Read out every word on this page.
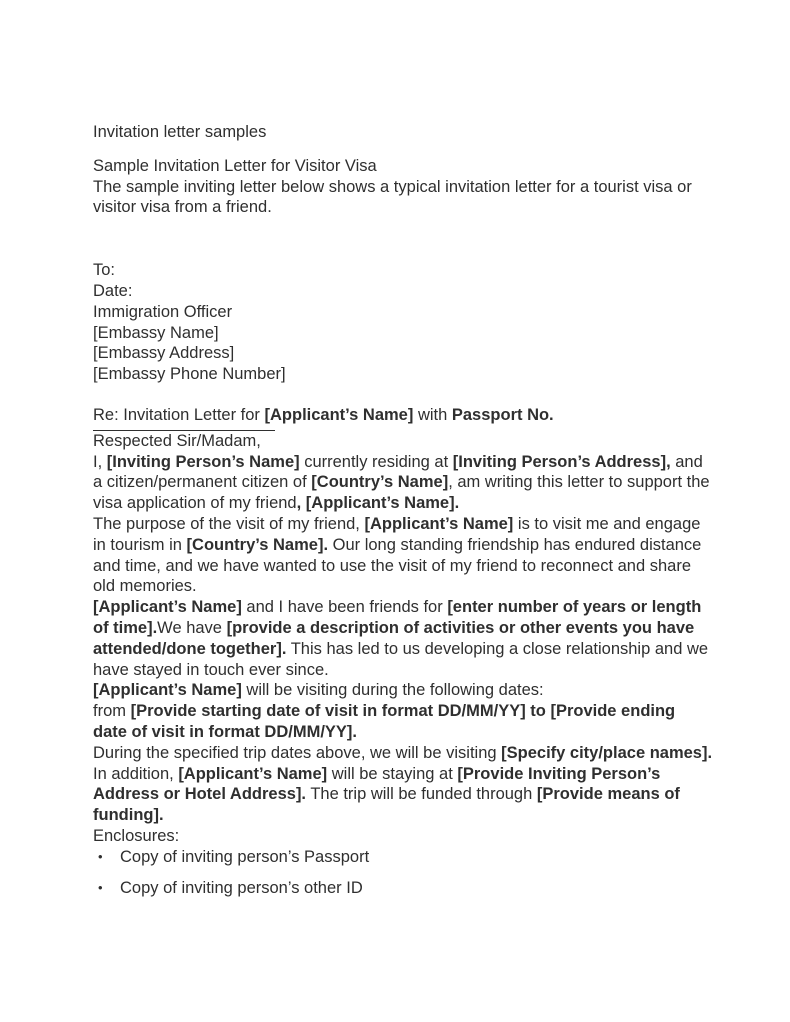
Invitation letter samples

Sample Invitation Letter for Visitor Visa

The sample inviting letter below shows a typical invitation letter for a tourist visa or visitor visa from a friend.

To:

Date:

Immigration Officer

[Embassy Name]

[Embassy Address]

[Embassy Phone Number]

Re: Invitation Letter for [Applicant’s Name] with Passport No.

Respected Sir/Madam,

I, [Inviting Person’s Name] currently residing at [Inviting Person’s Address], and a citizen/permanent citizen of [Country’s Name], am writing this letter to support the visa application of my friend, [Applicant’s Name].

The purpose of the visit of my friend, [Applicant’s Name] is to visit me and engage in tourism in [Country’s Name]. Our long standing friendship has endured distance and time, and we have wanted to use the visit of my friend to reconnect and share old memories.

[Applicant’s Name] and I have been friends for [enter number of years or length of time].We have [provide a description of activities or other events you have attended/done together]. This has led to us developing a close relationship and we have stayed in touch ever since.

[Applicant’s Name] will be visiting during the following dates:

from [Provide starting date of visit in format DD/MM/YY] to [Provide ending date of visit in format DD/MM/YY].

During the specified trip dates above, we will be visiting [Specify city/place names]. In addition, [Applicant’s Name] will be staying at [Provide Inviting Person’s Address or Hotel Address]. The trip will be funded through [Provide means of funding].

Enclosures:

• Copy of inviting person’s Passport
• Copy of inviting person’s other ID
